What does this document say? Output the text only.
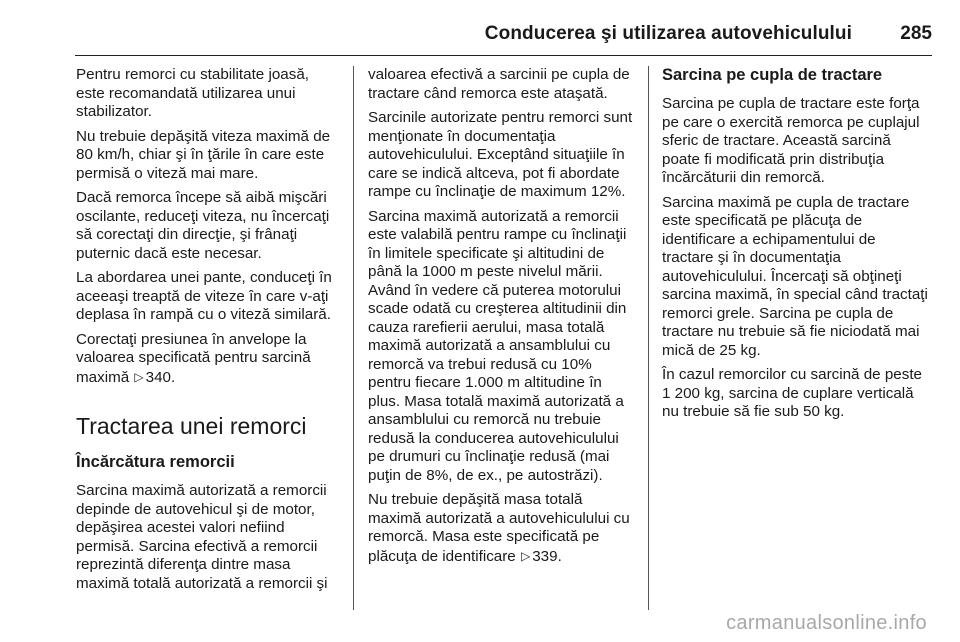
Conducerea şi utilizarea autovehiculului	285

Pentru remorci cu stabilitate joasă, este recomandată utilizarea unui stabilizator.

Nu trebuie depăşită viteza maximă de 80 km/h, chiar şi în ţările în care este permisă o viteză mai mare.

Dacă remorca începe să aibă mişcări oscilante, reduceţi viteza, nu încercaţi să corectaţi din direcţie, şi frânaţi puternic dacă este necesar.

La abordarea unei pante, conduceţi în aceeaşi treaptă de viteze în care v-aţi deplasa în rampă cu o viteză similară.

Corectaţi presiunea în anvelope la valoarea specificată pentru sarcină maximă ▷ 340.

Tractarea unei remorci
Încărcătura remorcii

Sarcina maximă autorizată a remorcii depinde de autovehicul şi de motor, depăşirea acestei valori nefiind permisă. Sarcina efectivă a remorcii reprezintă diferenţa dintre masa maximă totală autorizată a remorcii şi

valoarea efectivă a sarcinii pe cupla de tractare când remorca este ataşată.

Sarcinile autorizate pentru remorci sunt menţionate în documentaţia autovehiculului. Exceptând situaţiile în care se indică altceva, pot fi abordate rampe cu înclinaţie de maximum 12%.

Sarcina maximă autorizată a remorcii este valabilă pentru rampe cu înclinaţii în limitele specificate şi altitudini de până la 1000 m peste nivelul mării. Având în vedere că puterea motorului scade odată cu creşterea altitudinii din cauza rarefierii aerului, masa totală maximă autorizată a ansamblului cu remorcă va trebui redusă cu 10% pentru fiecare 1.000 m altitudine în plus. Masa totală maximă autorizată a ansamblului cu remorcă nu trebuie redusă la conducerea autovehiculului pe drumuri cu înclinaţie redusă (mai puţin de 8%, de ex., pe autostrăzi).

Nu trebuie depăşită masa totală maximă autorizată a autovehiculului cu remorcă. Masa este specificată pe plăcuţa de identificare ▷ 339.

Sarcina pe cupla de tractare

Sarcina pe cupla de tractare este forţa pe care o exercită remorca pe cuplajul sferic de tractare. Această sarcină poate fi modificată prin distribuţia încărcăturii din remorcă.

Sarcina maximă pe cupla de tractare este specificată pe plăcuţa de identificare a echipamentului de tractare şi în documentaţia autovehiculului. Încercaţi să obţineţi sarcina maximă, în special când tractaţi remorci grele. Sarcina pe cupla de tractare nu trebuie să fie niciodată mai mică de 25 kg.

În cazul remorcilor cu sarcină de peste 1 200 kg, sarcina de cuplare verticală nu trebuie să fie sub 50 kg.

carmanualsonline.info
